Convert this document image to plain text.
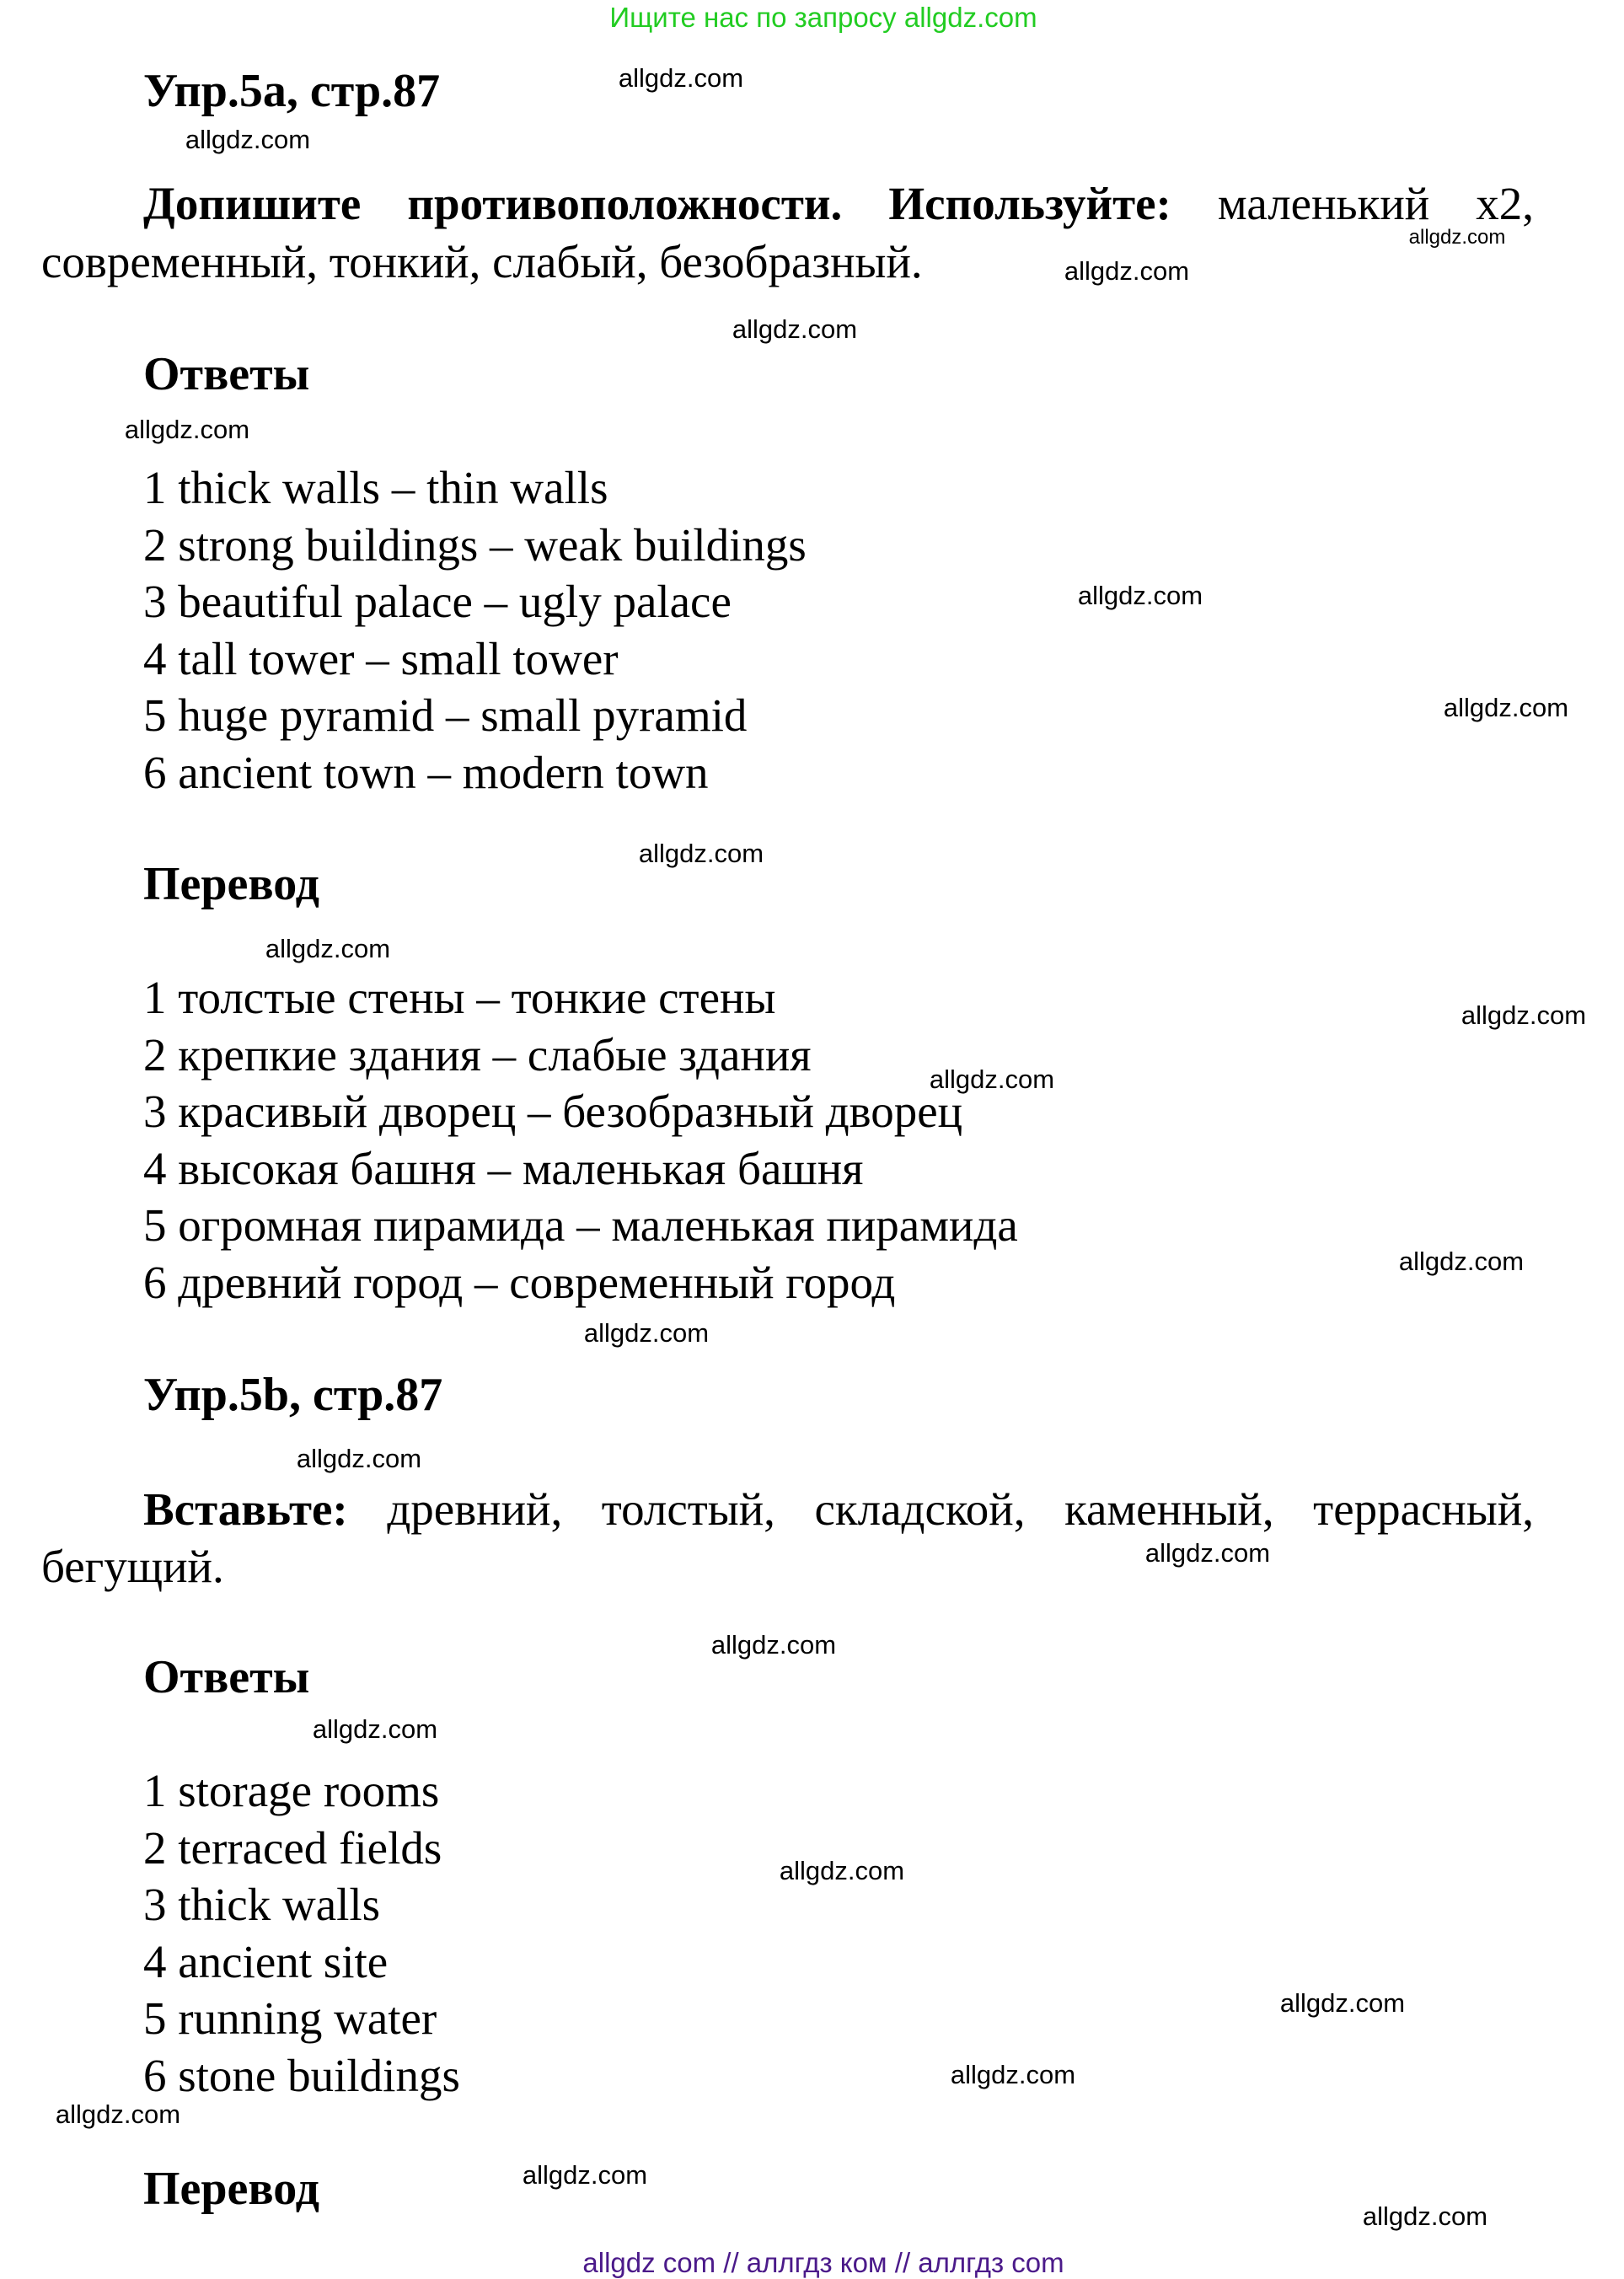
Ищите нас по запросу allgdz.com
Упр.5a, стр.87
Допишите противоположности. Используйте: маленький x2,
современный, тонкий, слабый, безобразный.
Ответы
1 thick walls – thin walls
2 strong buildings – weak buildings
3 beautiful palace – ugly palace
4 tall tower – small tower
5 huge pyramid – small pyramid
6 ancient town – modern town
Перевод
1 толстые стены – тонкие стены
2 крепкие здания – слабые здания
3 красивый дворец – безобразный дворец
4 высокая башня – маленькая башня
5 огромная пирамида – маленькая пирамида
6 древний город – современный город
Упр.5b, стр.87
Вставьте: древний, толстый, складской, каменный, террасный,
бегущий.
Ответы
1 storage rooms
2 terraced fields
3 thick walls
4 ancient site
5 running water
6 stone buildings
Перевод
allgdz com // аллгдз ком // аллгдз com
allgdz.com
allgdz.com
allgdz.com
allgdz.com
allgdz.com
allgdz.com
allgdz.com
allgdz.com
allgdz.com
allgdz.com
allgdz.com
allgdz.com
allgdz.com
allgdz.com
allgdz.com
allgdz.com
allgdz.com
allgdz.com
allgdz.com
allgdz.com
allgdz.com
allgdz.com
allgdz.com
allgdz.com
